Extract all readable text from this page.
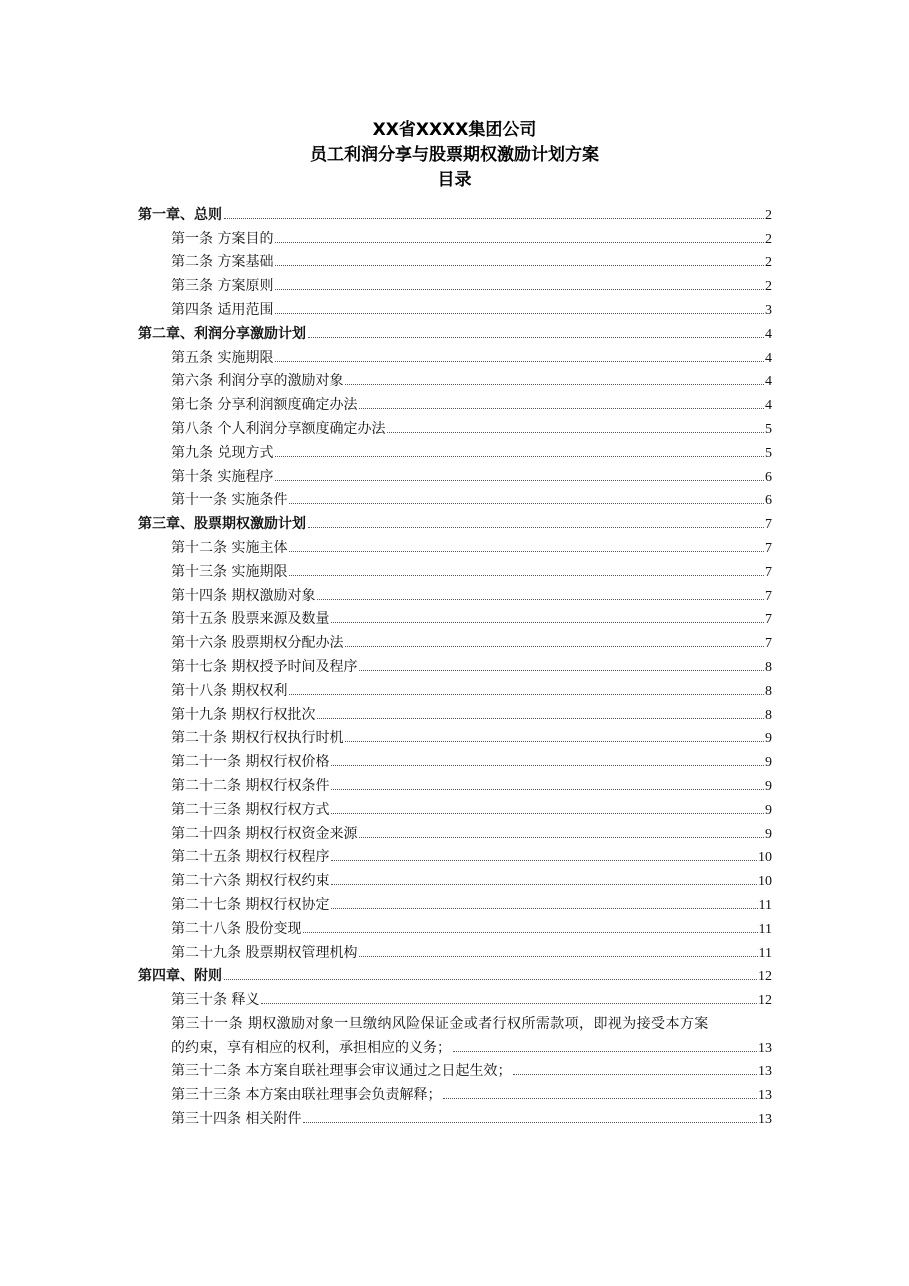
XX省XXXX集团公司
员工利润分享与股票期权激励计划方案
目录
第一章、总则	2
第一条 方案目的	2
第二条 方案基础	2
第三条 方案原则	2
第四条 适用范围	3
第二章、利润分享激励计划	4
第五条 实施期限	4
第六条 利润分享的激励对象	4
第七条 分享利润额度确定办法	4
第八条 个人利润分享额度确定办法	5
第九条 兑现方式	5
第十条 实施程序	6
第十一条 实施条件	6
第三章、股票期权激励计划	7
第十二条 实施主体	7
第十三条 实施期限	7
第十四条 期权激励对象	7
第十五条 股票来源及数量	7
第十六条 股票期权分配办法	7
第十七条 期权授予时间及程序	8
第十八条 期权权利	8
第十九条 期权行权批次	8
第二十条 期权行权执行时机	9
第二十一条 期权行权价格	9
第二十二条 期权行权条件	9
第二十三条 期权行权方式	9
第二十四条 期权行权资金来源	9
第二十五条 期权行权程序	10
第二十六条 期权行权约束	10
第二十七条 期权行权协定	11
第二十八条 股份变现	11
第二十九条 股票期权管理机构	11
第四章、附则	12
第三十条 释义	12
第三十一条 期权激励对象一旦缴纳风险保证金或者行权所需款项，即视为接受本方案
的约束，享有相应的权利，承担相应的义务；	13
第三十二条 本方案自联社理事会审议通过之日起生效；	13
第三十三条 本方案由联社理事会负责解释；	13
第三十四条 相关附件	13
